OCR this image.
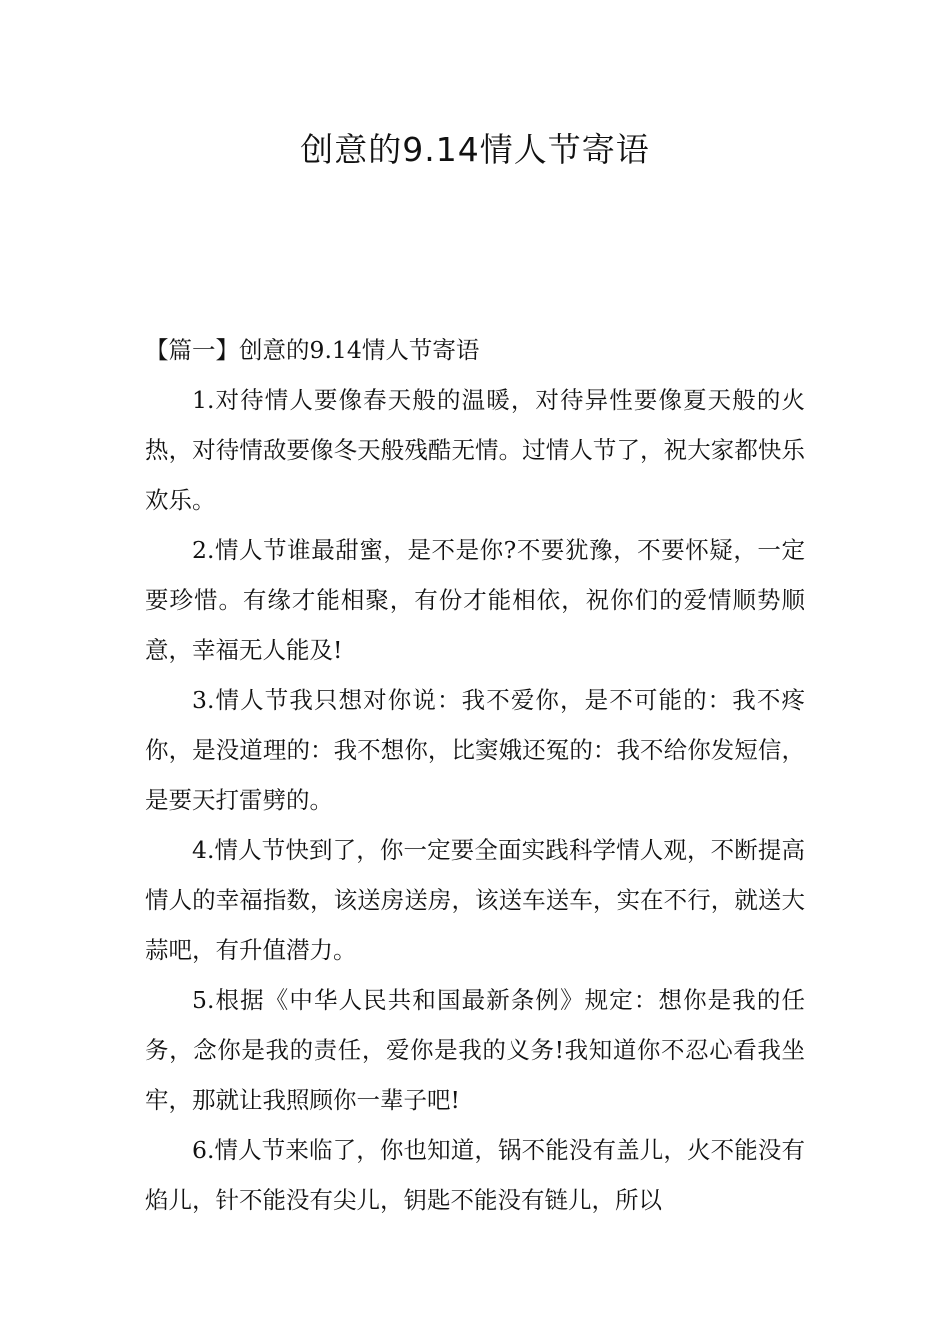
创意的9.14情人节寄语

【篇一】创意的9.14情人节寄语

1.对待情人要像春天般的温暖，对待异性要像夏天般的火热，对待情敌要像冬天般残酷无情。过情人节了，祝大家都快乐欢乐。

2.情人节谁最甜蜜，是不是你?不要犹豫，不要怀疑，一定要珍惜。有缘才能相聚，有份才能相依，祝你们的爱情顺势顺意，幸福无人能及!

3.情人节我只想对你说：我不爱你，是不可能的：我不疼你，是没道理的：我不想你，比窦娥还冤的：我不给你发短信，是要天打雷劈的。

4.情人节快到了，你一定要全面实践科学情人观，不断提高情人的幸福指数，该送房送房，该送车送车，实在不行，就送大蒜吧，有升值潜力。

5.根据《中华人民共和国最新条例》规定：想你是我的任务，念你是我的责任，爱你是我的义务!我知道你不忍心看我坐牢，那就让我照顾你一辈子吧!

6.情人节来临了，你也知道，锅不能没有盖儿，火不能没有焰儿，针不能没有尖儿，钥匙不能没有链儿，所以
